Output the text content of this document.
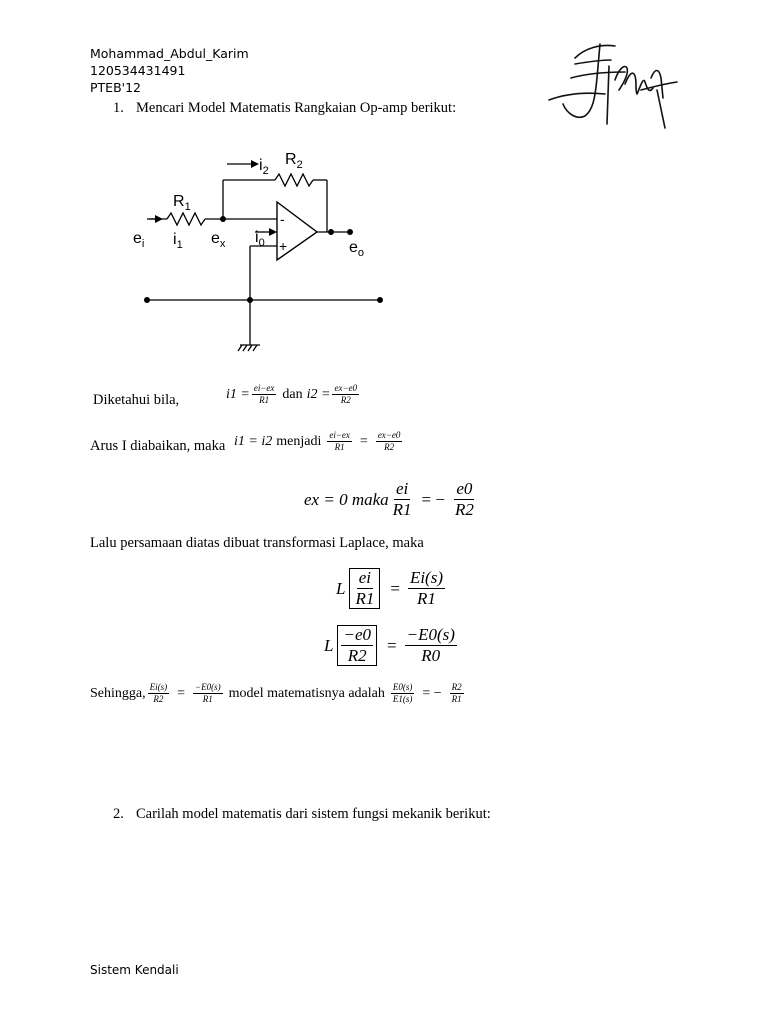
Mohammad_Abdul_Karim
120534431491
PTEB'12
1. Mencari Model Matematis Rangkaian Op-amp berikut:
$R_1$
$R_2$
$i_2$
$i_1$	$i_0$
$e_i$	$e_x$	$e_o$
-
+
Diketahui bila,	$i1 = \frac{ei-ex}{R1}$ dan $i2 = \frac{ex-e0}{R2}$
Arus I diabaikan, maka i1 = i2 menjadi $\frac{ei-ex}{R1} = \frac{ex-e0}{R2}$
ex = 0 maka $\frac{ei}{R1}$ = − $\frac{e0}{R2}$
Lalu persamaan diatas dibuat transformasi Laplace, maka
L $\frac{ei}{R1} = \frac{Ei(s)}{R1}$
L $\frac{-e0}{R2} = \frac{-E0(s)}{R0}$
Sehingga, $\frac{Ei(s)}{R2} = \frac{-E0(s)}{R1}$ model matematisnya adalah $\frac{E0(s)}{E1(s)}$ = − $\frac{R2}{R1}$
2. Carilah model matematis dari sistem fungsi mekanik berikut:
Sistem Kendali
